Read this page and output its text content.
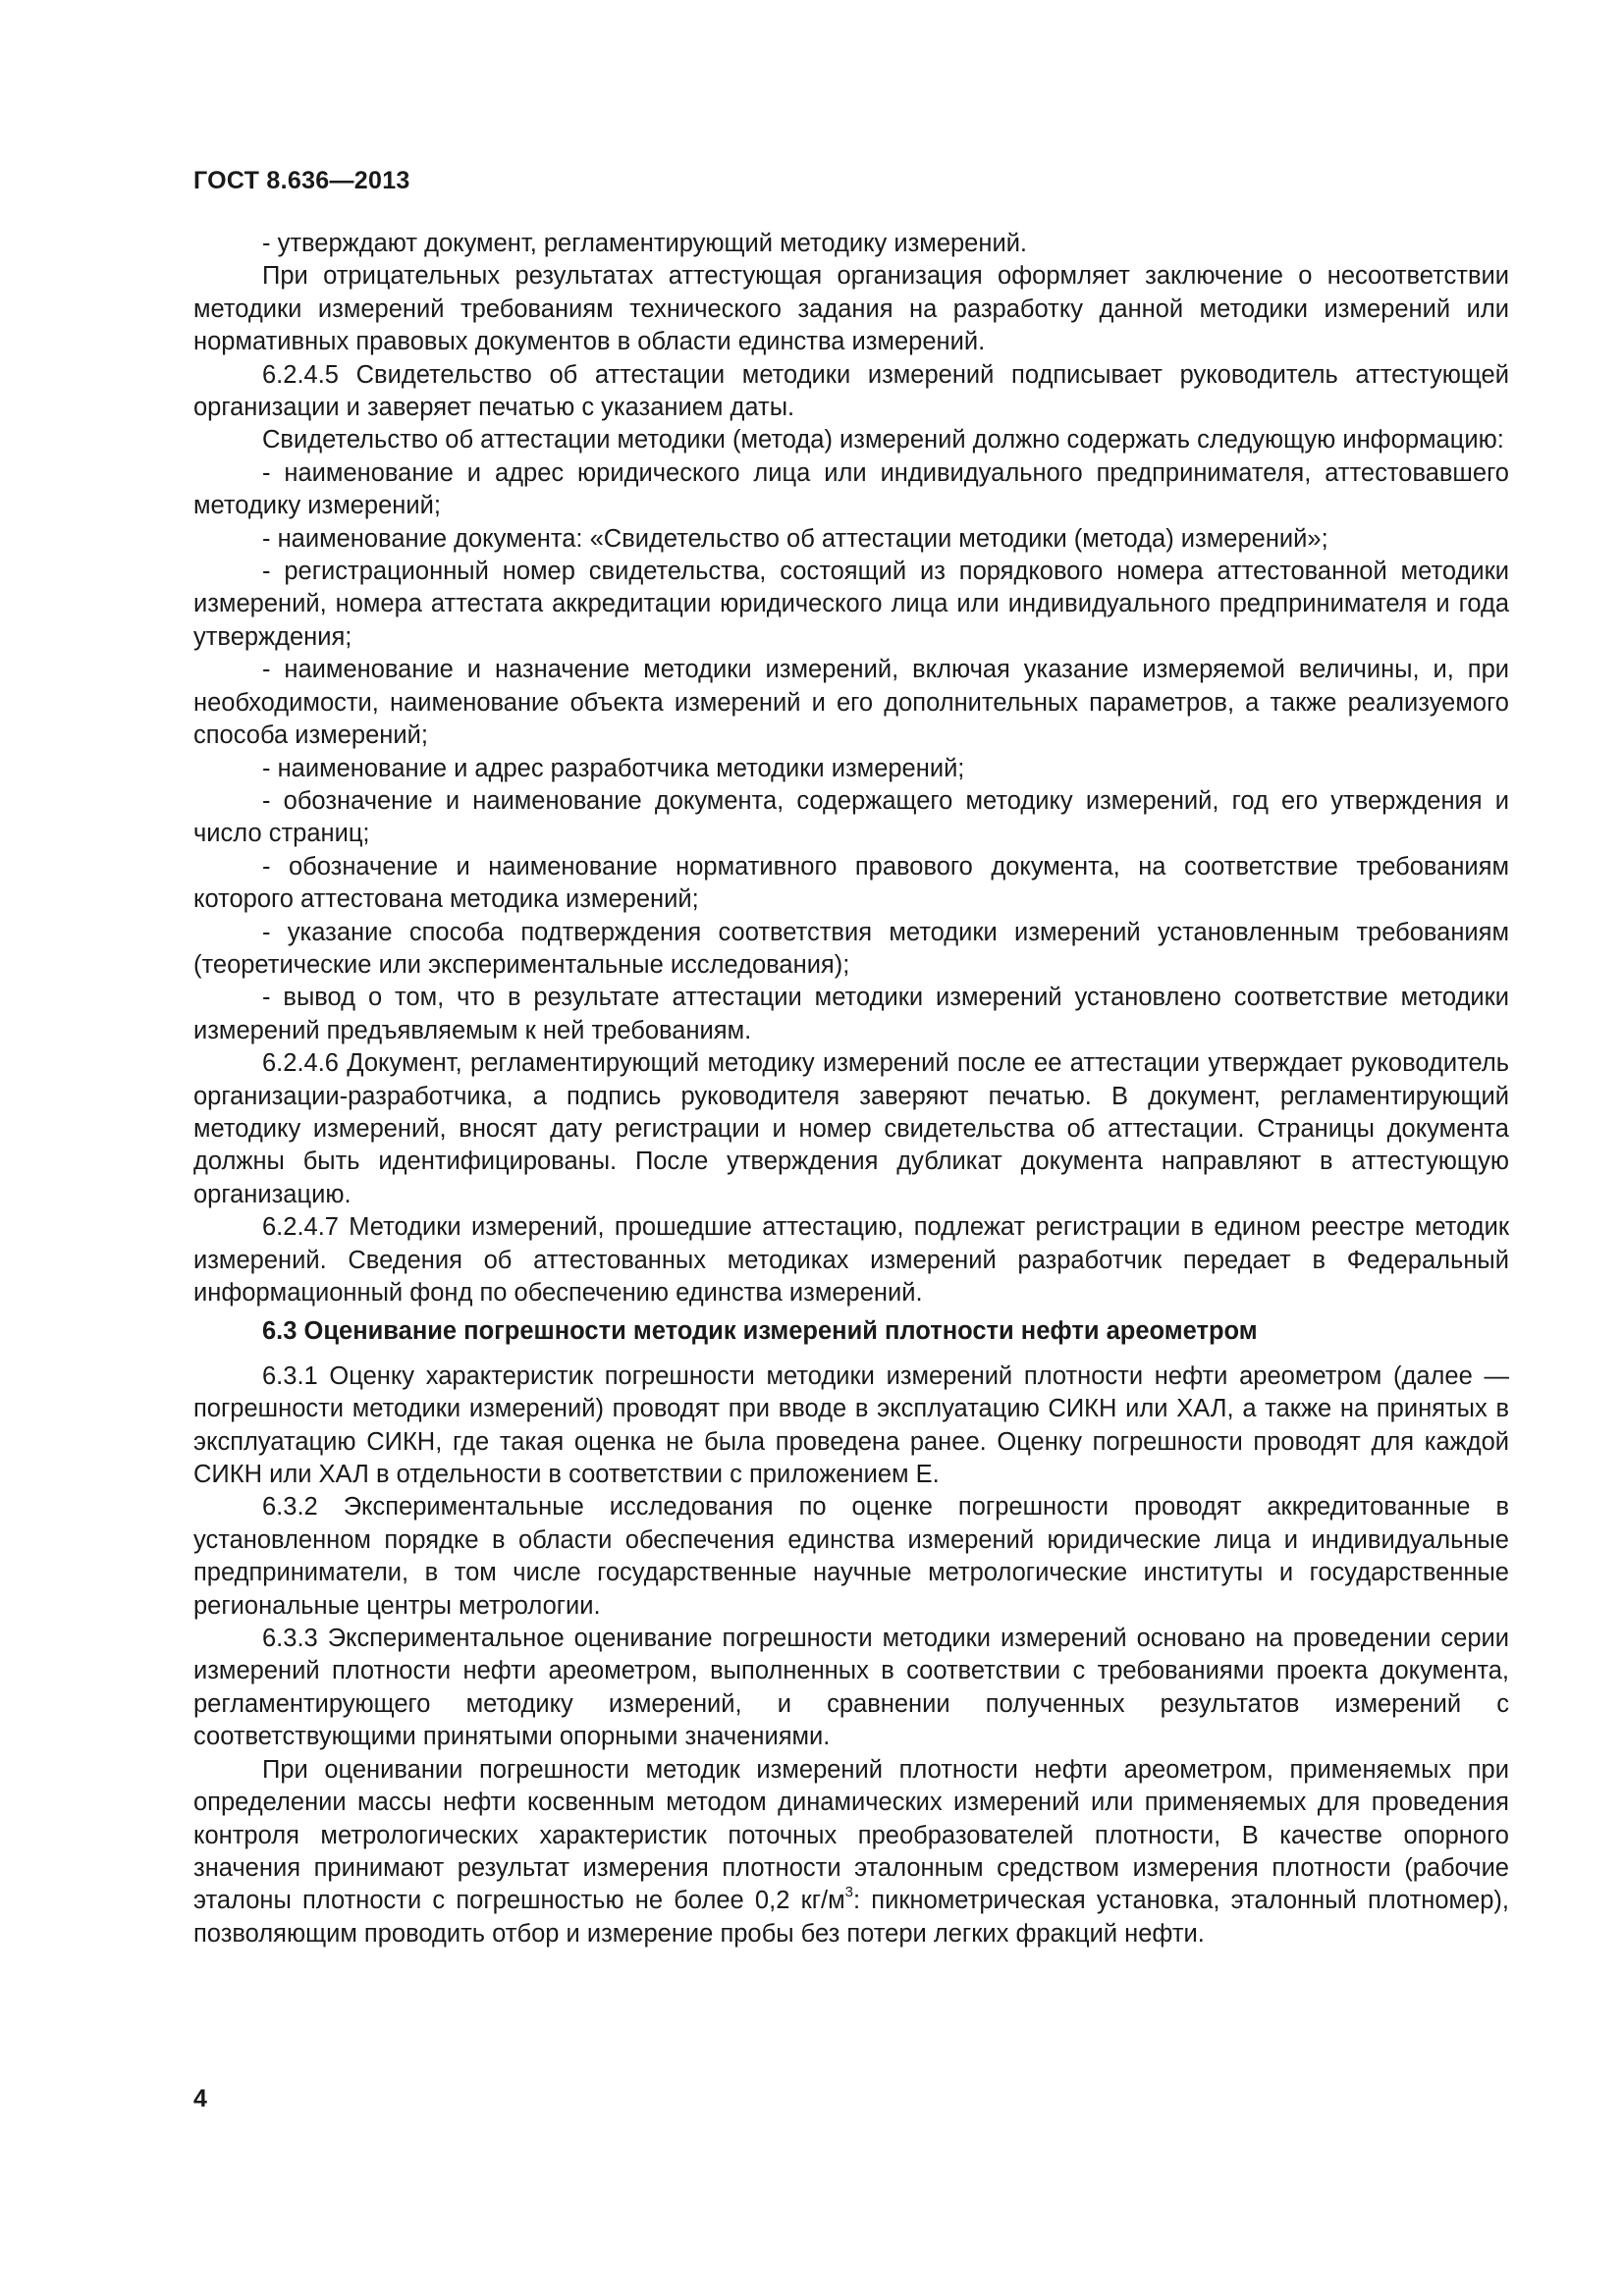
ГОСТ 8.636—2013

- утверждают документ, регламентирующий методику измерений.

При отрицательных результатах аттестующая организация оформляет заключение о несоответствии методики измерений требованиям технического задания на разработку данной методики измерений или нормативных правовых документов в области единства измерений.

6.2.4.5 Свидетельство об аттестации методики измерений подписывает руководитель аттестующей организации и заверяет печатью с указанием даты.

Свидетельство об аттестации методики (метода) измерений должно содержать следующую информацию:

- наименование и адрес юридического лица или индивидуального предпринимателя, аттестовавшего методику измерений;

- наименование документа: «Свидетельство об аттестации методики (метода) измерений»;

- регистрационный номер свидетельства, состоящий из порядкового номера аттестованной методики измерений, номера аттестата аккредитации юридического лица или индивидуального предпринимателя и года утверждения;

- наименование и назначение методики измерений, включая указание измеряемой величины, и, при необходимости, наименование объекта измерений и его дополнительных параметров, а также реализуемого способа измерений;

- наименование и адрес разработчика методики измерений;

- обозначение и наименование документа, содержащего методику измерений, год его утверждения и число страниц;

- обозначение и наименование нормативного правового документа, на соответствие требованиям которого аттестована методика измерений;

- указание способа подтверждения соответствия методики измерений установленным требованиям (теоретические или экспериментальные исследования);

- вывод о том, что в результате аттестации методики измерений установлено соответствие методики измерений предъявляемым к ней требованиям.

6.2.4.6 Документ, регламентирующий методику измерений после ее аттестации утверждает руководитель организации-разработчика, а подпись руководителя заверяют печатью. В документ, регламентирующий методику измерений, вносят дату регистрации и номер свидетельства об аттестации. Страницы документа должны быть идентифицированы. После утверждения дубликат документа направляют в аттестующую организацию.

6.2.4.7 Методики измерений, прошедшие аттестацию, подлежат регистрации в едином реестре методик измерений. Сведения об аттестованных методиках измерений разработчик передает в Федеральный информационный фонд по обеспечению единства измерений.

6.3 Оценивание погрешности методик измерений плотности нефти ареометром

6.3.1 Оценку характеристик погрешности методики измерений плотности нефти ареометром (далее — погрешности методики измерений) проводят при вводе в эксплуатацию СИКН или ХАЛ, а также на принятых в эксплуатацию СИКН, где такая оценка не была проведена ранее. Оценку погрешности проводят для каждой СИКН или ХАЛ в отдельности в соответствии с приложением Е.

6.3.2 Экспериментальные исследования по оценке погрешности проводят аккредитованные в установленном порядке в области обеспечения единства измерений юридические лица и индивидуальные предприниматели, в том числе государственные научные метрологические институты и государственные региональные центры метрологии.

6.3.3 Экспериментальное оценивание погрешности методики измерений основано на проведении серии измерений плотности нефти ареометром, выполненных в соответствии с требованиями проекта документа, регламентирующего методику измерений, и сравнении полученных результатов измерений с соответствующими принятыми опорными значениями.

При оценивании погрешности методик измерений плотности нефти ареометром, применяемых при определении массы нефти косвенным методом динамических измерений или применяемых для проведения контроля метрологических характеристик поточных преобразователей плотности, В качестве опорного значения принимают результат измерения плотности эталонным средством измерения плотности (рабочие эталоны плотности с погрешностью не более 0,2 $кг/м^3$: пикнометрическая установка, эталонный плотномер), позволяющим проводить отбор и измерение пробы без потери легких фракций нефти.

4
